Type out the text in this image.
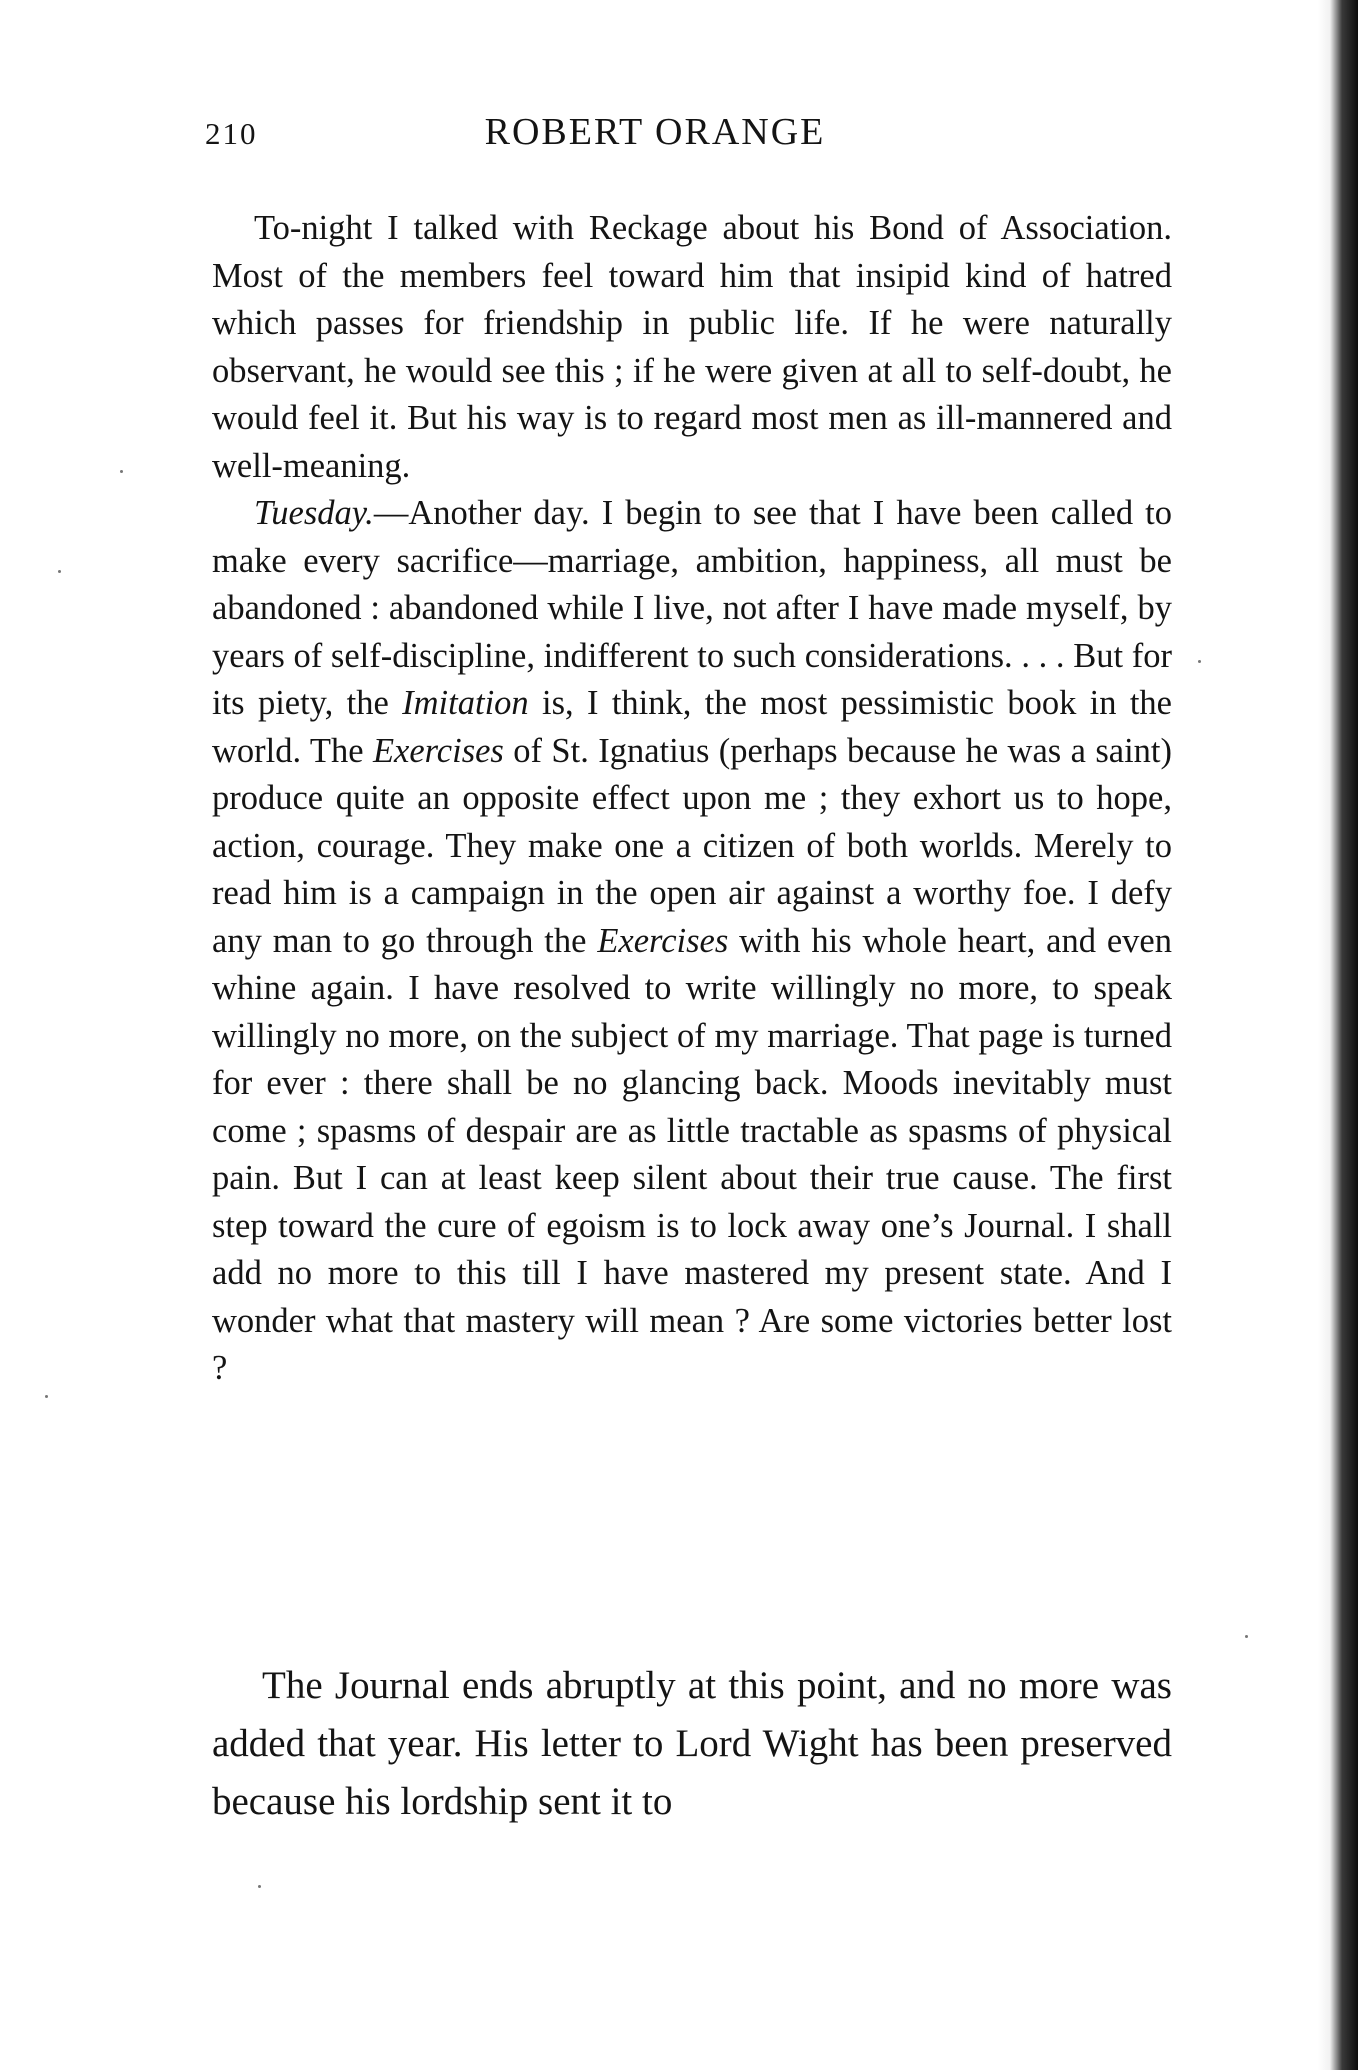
210	ROBERT ORANGE

To-night I talked with Reckage about his Bond of Association. Most of the members feel toward him that insipid kind of hatred which passes for friendship in public life. If he were naturally observant, he would see this ; if he were given at all to self-doubt, he would feel it. But his way is to regard most men as ill-mannered and well-meaning.

Tuesday.—Another day. I begin to see that I have been called to make every sacrifice—marriage, ambition, happiness, all must be abandoned : abandoned while I live, not after I have made myself, by years of self-discipline, indifferent to such considerations. . . . But for its piety, the Imitation is, I think, the most pessimistic book in the world. The Exercises of St. Ignatius (perhaps because he was a saint) produce quite an opposite effect upon me ; they exhort us to hope, action, courage. They make one a citizen of both worlds. Merely to read him is a campaign in the open air against a worthy foe. I defy any man to go through the Exercises with his whole heart, and even whine again. I have resolved to write willingly no more, to speak willingly no more, on the subject of my marriage. That page is turned for ever : there shall be no glancing back. Moods inevitably must come ; spasms of despair are as little tractable as spasms of physical pain. But I can at least keep silent about their true cause. The first step toward the cure of egoism is to lock away one’s Journal. I shall add no more to this till I have mastered my present state. And I wonder what that mastery will mean ? Are some victories better lost ?

The Journal ends abruptly at this point, and no more was added that year. His letter to Lord Wight has been preserved because his lordship sent it to
